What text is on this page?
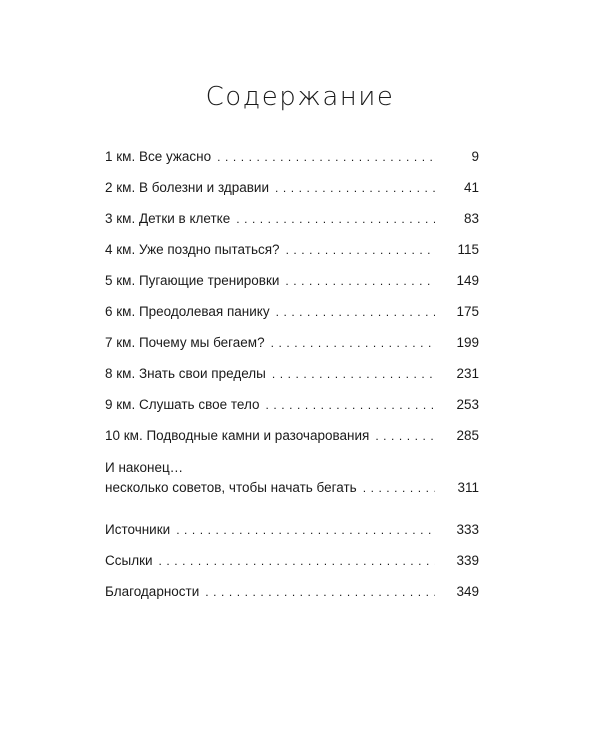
Содержание
1 км. Все ужасно . . .	9
2 км. В болезни и здравии . . .	41
3 км. Детки в клетке . . .	83
4 км. Уже поздно пытаться? . . .	115
5 км. Пугающие тренировки . . .	149
6 км. Преодолевая панику . . .	175
7 км. Почему мы бегаем? . . .	199
8 км. Знать свои пределы . . .	231
9 км. Слушать свое тело . . .	253
10 км. Подводные камни и разочарования . . .	285
И наконец…
несколько советов, чтобы начать бегать . . .	311
Источники . . .	333
Ссылки . . .	339
Благодарности . . .	349
